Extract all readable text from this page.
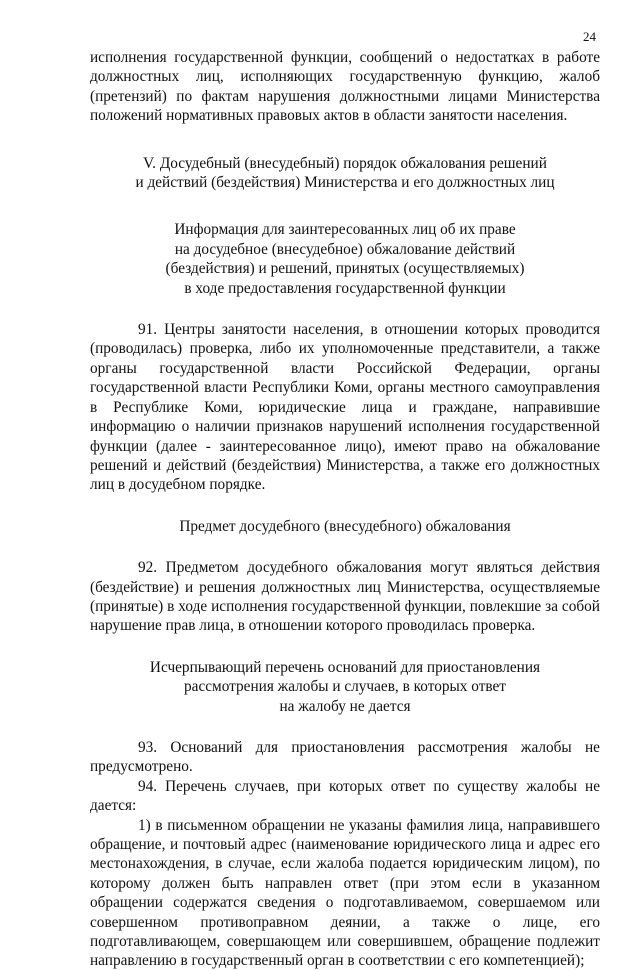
24

исполнения государственной функции, сообщений о недостатках в работе должностных лиц, исполняющих государственную функцию, жалоб (претензий) по фактам нарушения должностными лицами Министерства положений нормативных правовых актов в области занятости населения.

V. Досудебный (внесудебный) порядок обжалования решений

и действий (бездействия) Министерства и его должностных лиц

Информация для заинтересованных лиц об их праве

на досудебное (внесудебное) обжалование действий

(бездействия) и решений, принятых (осуществляемых)

в ходе предоставления государственной функции

91. Центры занятости населения, в отношении которых проводится (проводилась) проверка, либо их уполномоченные представители, а также органы государственной власти Российской Федерации, органы государственной власти Республики Коми, органы местного самоуправления в Республике Коми, юридические лица и граждане, направившие информацию о наличии признаков нарушений исполнения государственной функции (далее - заинтересованное лицо), имеют право на обжалование решений и действий (бездействия) Министерства, а также его должностных лиц в досудебном порядке.

Предмет досудебного (внесудебного) обжалования

92. Предметом досудебного обжалования могут являться действия (бездействие) и решения должностных лиц Министерства, осуществляемые (принятые) в ходе исполнения государственной функции, повлекшие за собой нарушение прав лица, в отношении которого проводилась проверка.

Исчерпывающий перечень оснований для приостановления

рассмотрения жалобы и случаев, в которых ответ

на жалобу не дается

93. Оснований для приостановления рассмотрения жалобы не

предусмотрено.

94. Перечень случаев, при которых ответ по существу жалобы не дается:

1) в письменном обращении не указаны фамилия лица, направившего обращение, и почтовый адрес (наименование юридического лица и адрес его местонахождения, в случае, если жалоба подается юридическим лицом), по которому должен быть направлен ответ (при этом если в указанном обращении содержатся сведения о подготавливаемом, совершаемом или совершенном противоправном деянии, а также о лице, его подготавливающем, совершающем или совершившем, обращение подлежит направлению в государственный орган в соответствии с его компетенцией);
